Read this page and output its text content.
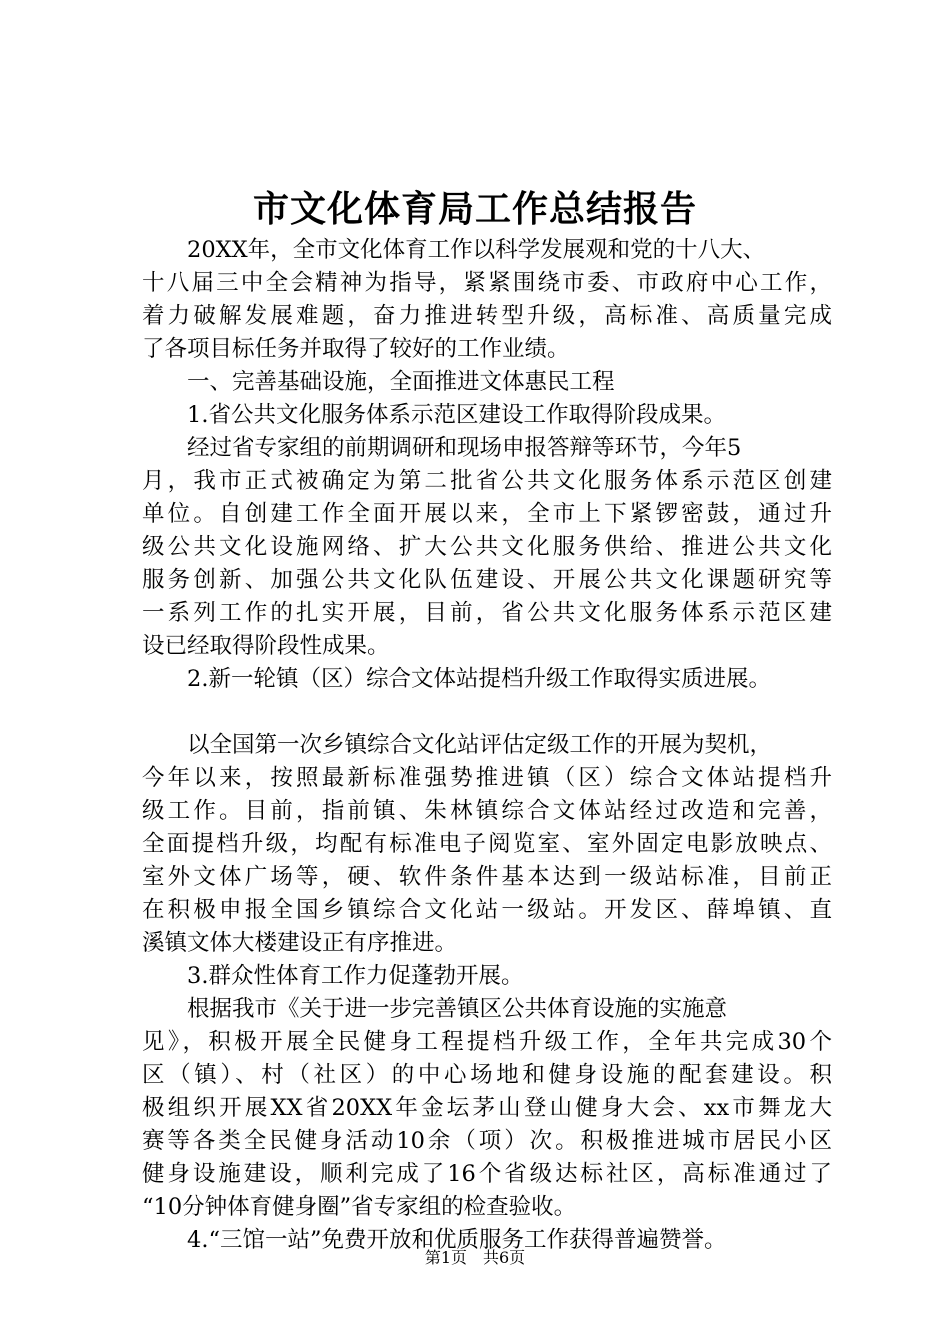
市文化体育局工作总结报告
　　20XX年，全市文化体育工作以科学发展观和党的十八大、
十八届三中全会精神为指导，紧紧围绕市委、市政府中心工作，
着力破解发展难题，奋力推进转型升级，高标准、高质量完成
了各项目标任务并取得了较好的工作业绩。
　　一、完善基础设施，全面推进文体惠民工程
　　1.省公共文化服务体系示范区建设工作取得阶段成果。
　　经过省专家组的前期调研和现场申报答辩等环节，今年5
月，我市正式被确定为第二批省公共文化服务体系示范区创建
单位。自创建工作全面开展以来，全市上下紧锣密鼓，通过升
级公共文化设施网络、扩大公共文化服务供给、推进公共文化
服务创新、加强公共文化队伍建设、开展公共文化课题研究等
一系列工作的扎实开展，目前，省公共文化服务体系示范区建
设已经取得阶段性成果。
　　2.新一轮镇（区）综合文体站提档升级工作取得实质进展。
　　以全国第一次乡镇综合文化站评估定级工作的开展为契机，
今年以来，按照最新标准强势推进镇（区）综合文体站提档升
级工作。目前，指前镇、朱林镇综合文体站经过改造和完善，
全面提档升级，均配有标准电子阅览室、室外固定电影放映点、
室外文体广场等，硬、软件条件基本达到一级站标准，目前正
在积极申报全国乡镇综合文化站一级站。开发区、薛埠镇、直
溪镇文体大楼建设正有序推进。
　　3.群众性体育工作力促蓬勃开展。
　　根据我市《关于进一步完善镇区公共体育设施的实施意
见》，积极开展全民健身工程提档升级工作，全年共完成30个
区（镇）、村（社区）的中心场地和健身设施的配套建设。积
极组织开展XX省20XX年金坛茅山登山健身大会、xx市舞龙大
赛等各类全民健身活动10余（项）次。积极推进城市居民小区
健身设施建设，顺利完成了16个省级达标社区，高标准通过了
“10分钟体育健身圈”省专家组的检查验收。
　　4.“三馆一站”免费开放和优质服务工作获得普遍赞誉。
第1页　共6页
